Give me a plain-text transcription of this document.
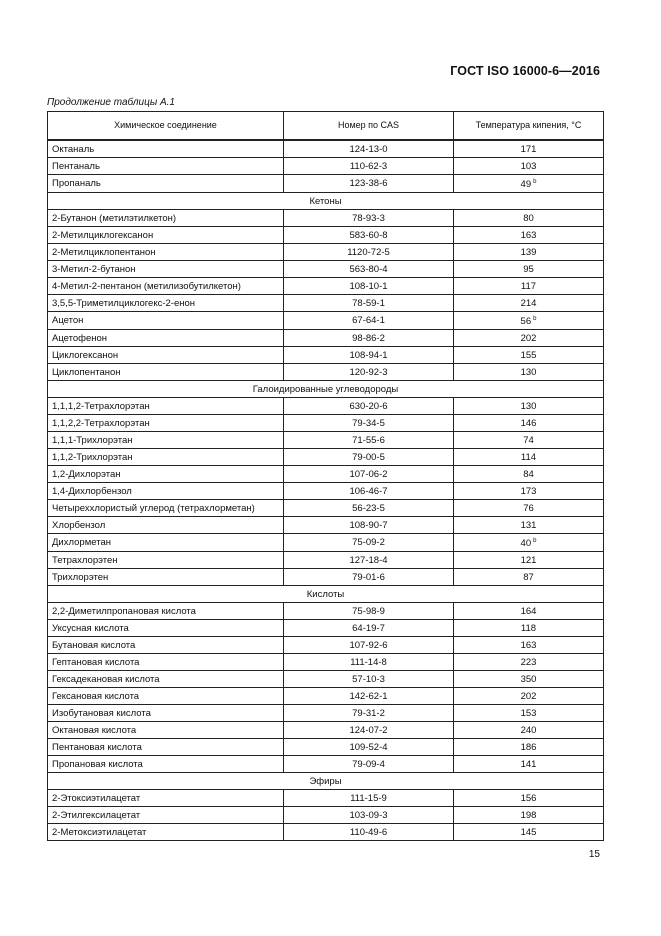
ГОСТ ISO 16000-6—2016
Продолжение таблицы А.1
Химическое соединение	Номер по CAS	Температура кипения, °C
Октаналь	124-13-0	171
Пентаналь	110-62-3	103
Пропаналь	123-38-6	49 $^b$
Кетоны		
2-Бутанон (метилэтилкетон)	78-93-3	80
2-Метилциклогексанон	583-60-8	163
2-Метилциклопентанон	1120-72-5	139
3-Метил-2-бутанон	563-80-4	95
4-Метил-2-пентанон (метилизобутилкетон)	108-10-1	117
3,5,5-Триметилциклогекс-2-енон	78-59-1	214
Ацетон	67-64-1	56 $^b$
Ацетофенон	98-86-2	202
Циклогексанон	108-94-1	155
Циклопентанон	120-92-3	130
Галоидированные углеводороды		
1,1,1,2-Тетрахлорэтан	630-20-6	130
1,1,2,2-Тетрахлорэтан	79-34-5	146
1,1,1-Трихлорэтан	71-55-6	74
1,1,2-Трихлорэтан	79-00-5	114
1,2-Дихлорэтан	107-06-2	84
1,4-Дихлорбензол	106-46-7	173
Четыреххлористый углерод (тетрахлорметан)	56-23-5	76
Хлорбензол	108-90-7	131
Дихлорметан	75-09-2	40 $^b$
Тетрахлорэтен	127-18-4	121
Трихлорэтен	79-01-6	87
Кислоты		
2,2-Диметилпропановая кислота	75-98-9	164
Уксусная кислота	64-19-7	118
Бутановая кислота	107-92-6	163
Гептановая кислота	111-14-8	223
Гексадекановая кислота	57-10-3	350
Гексановая кислота	142-62-1	202
Изобутановая кислота	79-31-2	153
Октановая кислота	124-07-2	240
Пентановая кислота	109-52-4	186
Пропановая кислота	79-09-4	141
Эфиры		
2-Этоксиэтилацетат	111-15-9	156
2-Этилгексилацетат	103-09-3	198
2-Метоксиэтилацетат	110-49-6	145
15
